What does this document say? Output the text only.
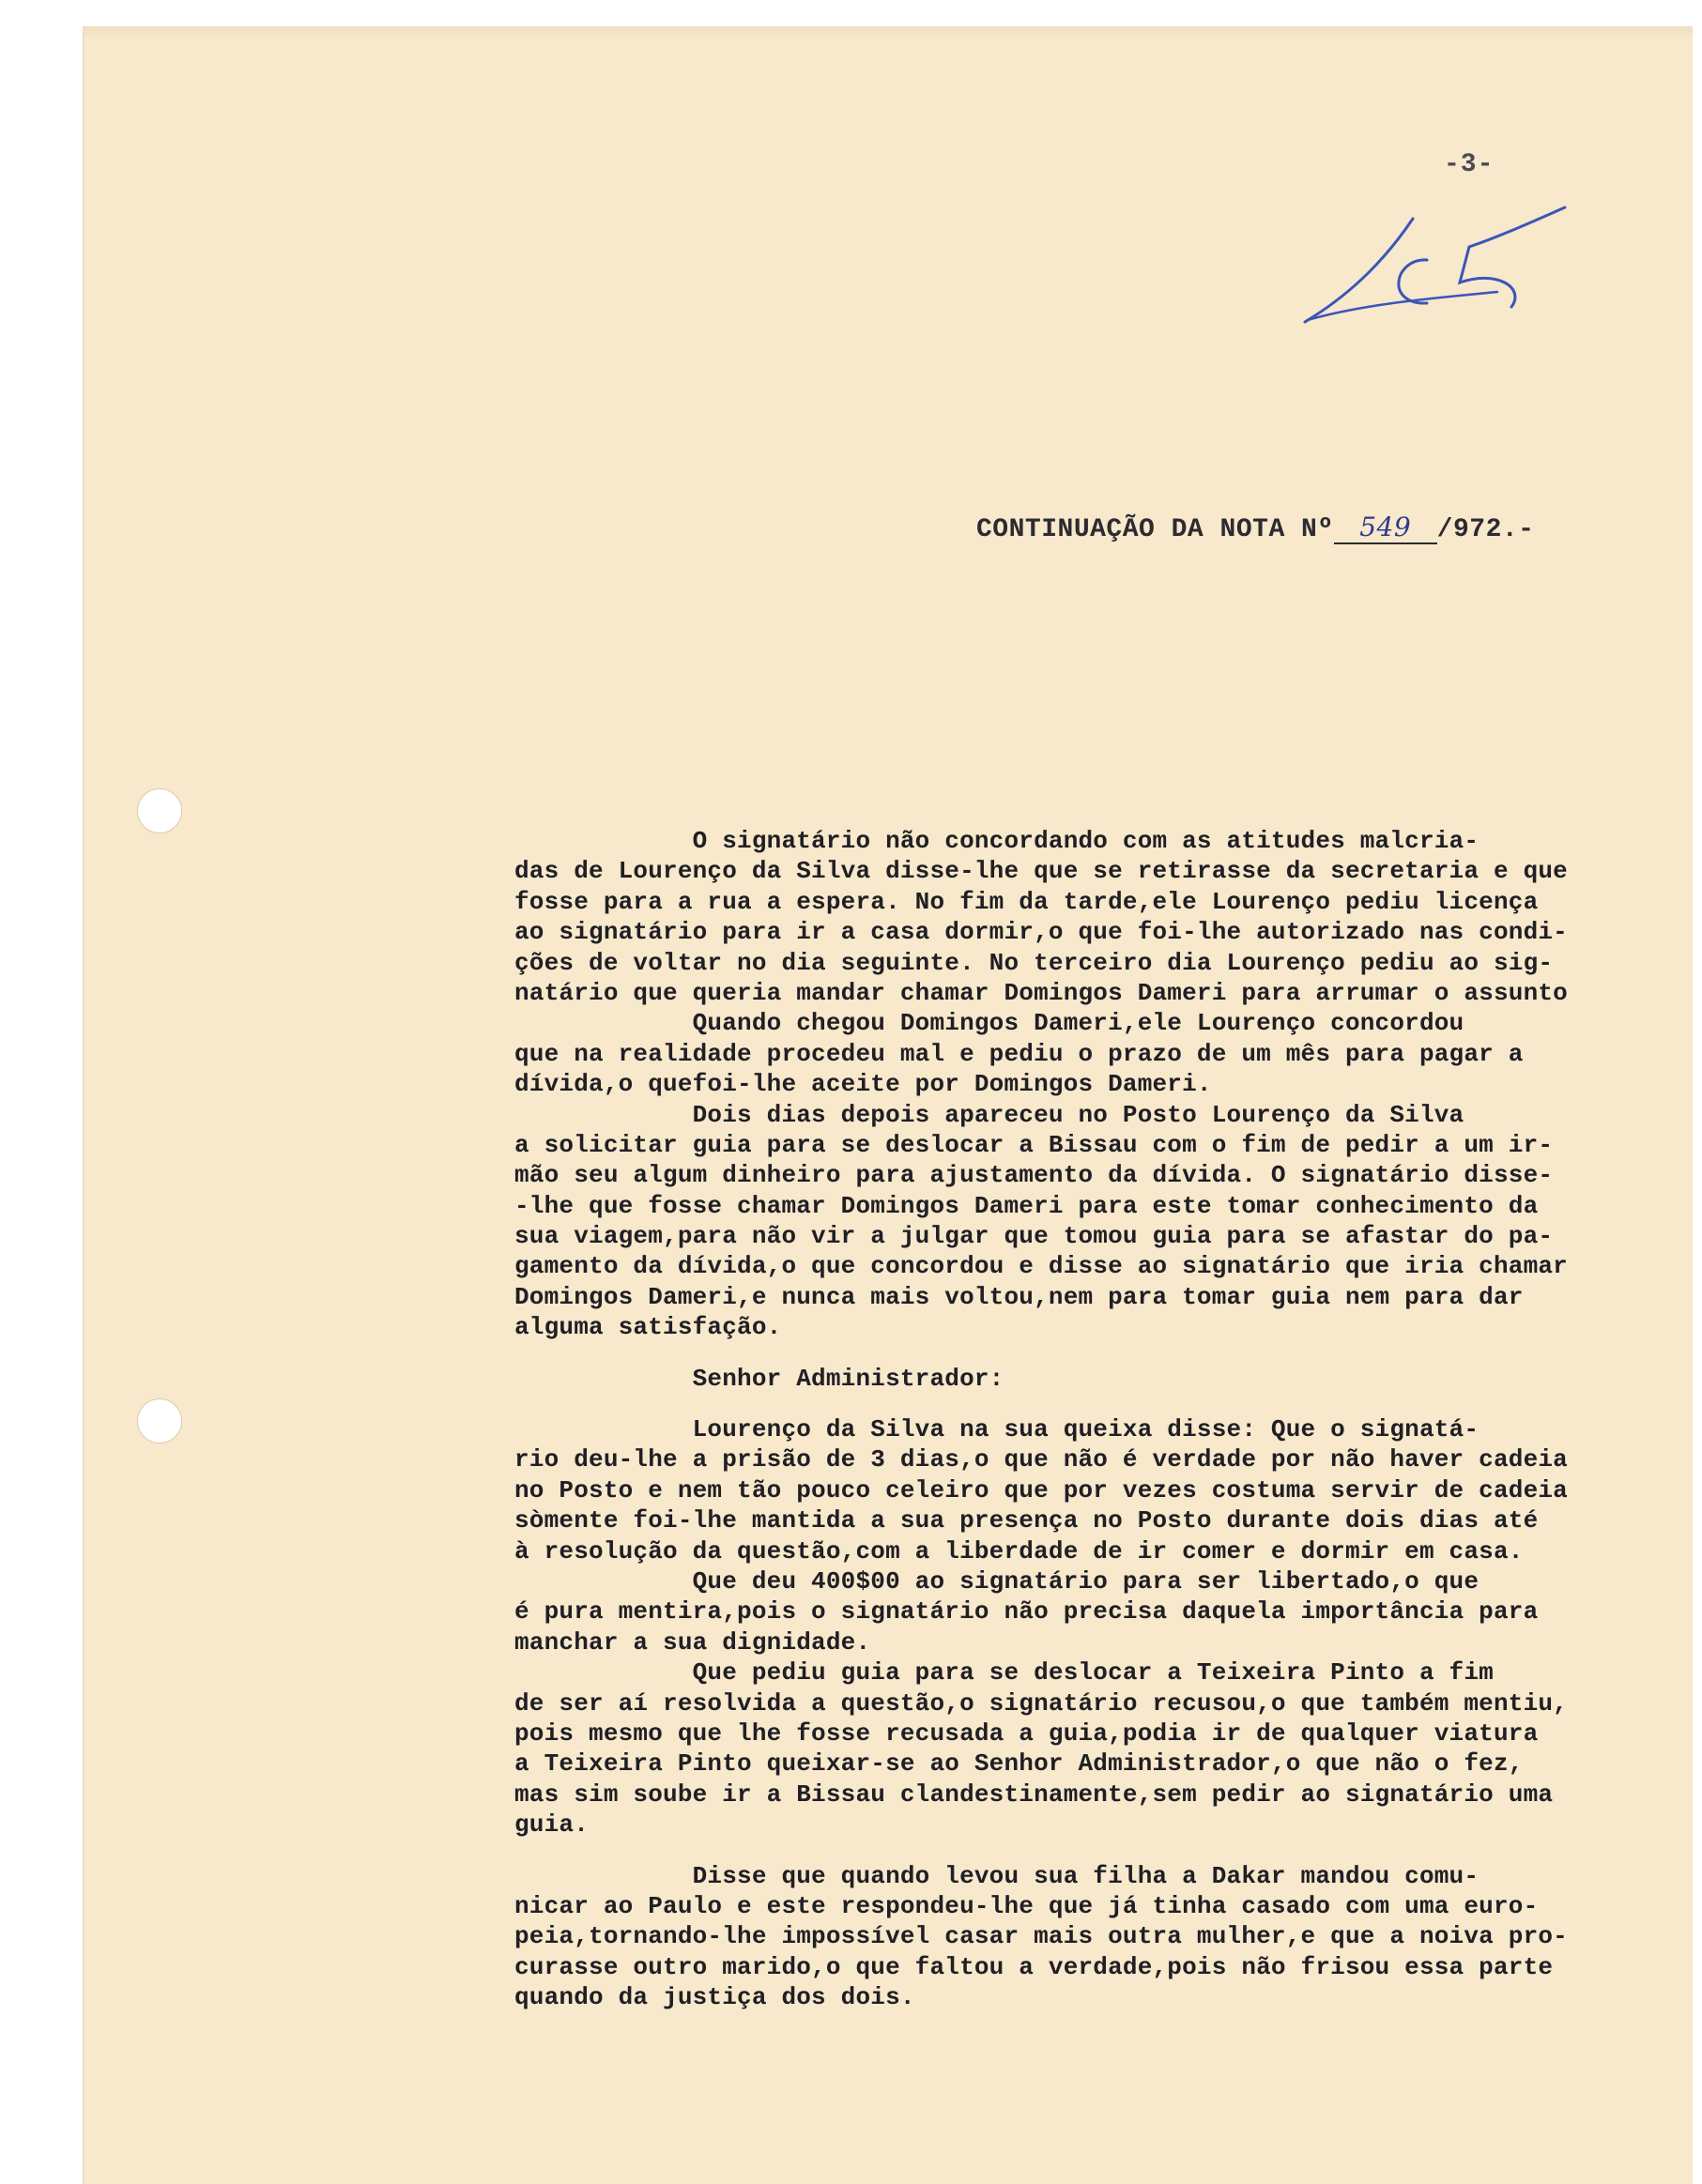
-3-
CONTINUAÇÃO DA NOTA Nº 549 /972.-
O signatário não concordando com as atitudes malcria-
das de Lourenço da Silva disse-lhe que se retirasse da secretaria e que
fosse para a rua a espera. No fim da tarde,ele Lourenço pediu licença
ao signatário para ir a casa dormir,o que foi-lhe autorizado nas condi-
ções de voltar no dia seguinte. No terceiro dia Lourenço pediu ao sig-
natário que queria mandar chamar Domingos Dameri para arrumar o assunto
Quando chegou Domingos Dameri,ele Lourenço concordou
que na realidade procedeu mal e pediu o prazo de um mês para pagar a
dívida,o quefoi-lhe aceite por Domingos Dameri.
Dois dias depois apareceu no Posto Lourenço da Silva
a solicitar guia para se deslocar a Bissau com o fim de pedir a um ir-
mão seu algum dinheiro para ajustamento da dívida. O signatário disse-
-lhe que fosse chamar Domingos Dameri para este tomar conhecimento da
sua viagem,para não vir a julgar que tomou guia para se afastar do pa-
gamento da dívida,o que concordou e disse ao signatário que iria chamar
Domingos Dameri,e nunca mais voltou,nem para tomar guia nem para dar
alguma satisfação.
Senhor Administrador:
Lourenço da Silva na sua queixa disse: Que o signatá-
rio deu-lhe a prisão de 3 dias,o que não é verdade por não haver cadeia
no Posto e nem tão pouco celeiro que por vezes costuma servir de cadeia
sòmente foi-lhe mantida a sua presença no Posto durante dois dias até
à resolução da questão,com a liberdade de ir comer e dormir em casa.
Que deu 400$00 ao signatário para ser libertado,o que
é pura mentira,pois o signatário não precisa daquela importância para
manchar a sua dignidade.
Que pediu guia para se deslocar a Teixeira Pinto a fim
de ser aí resolvida a questão,o signatário recusou,o que também mentiu,
pois mesmo que lhe fosse recusada a guia,podia ir de qualquer viatura
a Teixeira Pinto queixar-se ao Senhor Administrador,o que não o fez,
mas sim soube ir a Bissau clandestinamente,sem pedir ao signatário uma
guia.
Disse que quando levou sua filha a Dakar mandou comu-
nicar ao Paulo e este respondeu-lhe que já tinha casado com uma euro-
peia,tornando-lhe impossível casar mais outra mulher,e que a noiva pro-
curasse outro marido,o que faltou a verdade,pois não frisou essa parte
quando da justiça dos dois.
